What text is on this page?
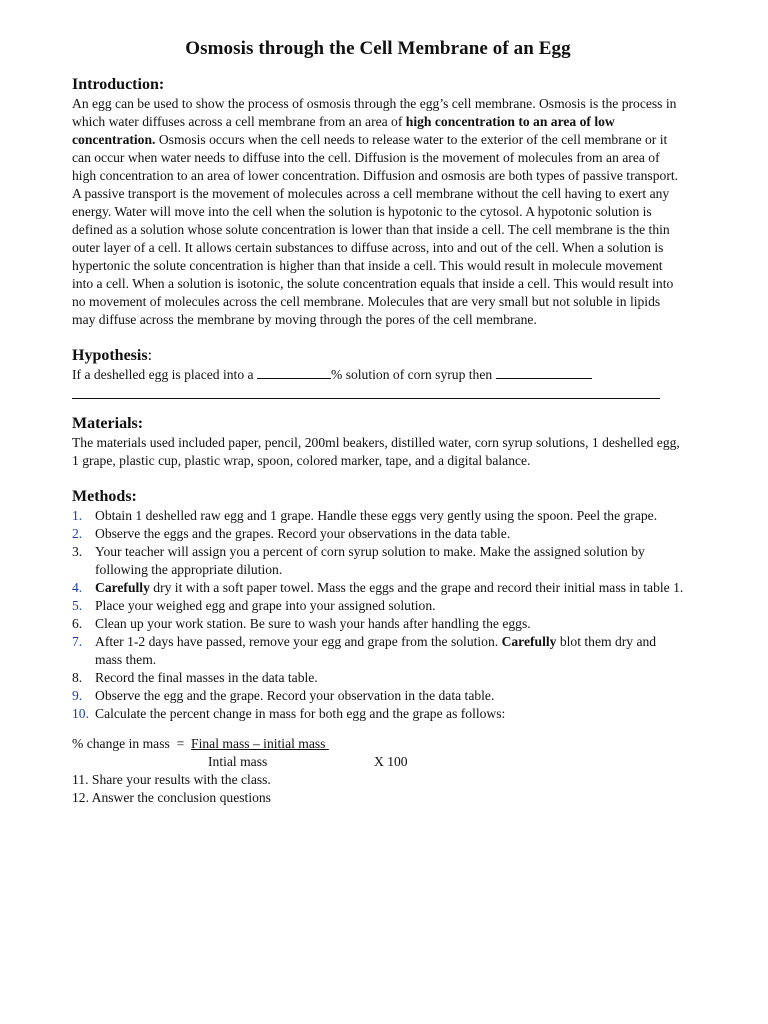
Osmosis through the Cell Membrane of an Egg
Introduction:

An egg can be used to show the process of osmosis through the egg’s cell membrane. Osmosis is the process in which water diffuses across a cell membrane from an area of high concentration to an area of low concentration. Osmosis occurs when the cell needs to release water to the exterior of the cell membrane or it can occur when water needs to diffuse into the cell. Diffusion is the movement of molecules from an area of high concentration to an area of lower concentration. Diffusion and osmosis are both types of passive transport. A passive transport is the movement of molecules across a cell membrane without the cell having to exert any energy. Water will move into the cell when the solution is hypotonic to the cytosol. A hypotonic solution is defined as a solution whose solute concentration is lower than that inside a cell. The cell membrane is the thin outer layer of a cell. It allows certain substances to diffuse across, into and out of the cell. When a solution is hypertonic the solute concentration is higher than that inside a cell. This would result in molecule movement into a cell. When a solution is isotonic, the solute concentration equals that inside a cell. This would result into no movement of molecules across the cell membrane. Molecules that are very small but not soluble in lipids may diffuse across the membrane by moving through the pores of the cell membrane.

Hypothesis:
If a deshelled egg is placed into a	% solution of corn syrup then
Materials:

The materials used included paper, pencil, 200ml beakers, distilled water, corn syrup solutions, 1 deshelled egg, 1 grape, plastic cup, plastic wrap, spoon, colored marker, tape, and a digital balance.

Methods:
1. Obtain 1 deshelled raw egg and 1 grape. Handle these eggs very gently using the spoon. Peel the grape.
2. Observe the eggs and the grapes. Record your observations in the data table.
3. Your teacher will assign you a percent of corn syrup solution to make. Make the assigned solution by following the appropriate dilution.
4. Carefully dry it with a soft paper towel. Mass the eggs and the grape and record their initial mass in table 1.
5. Place your weighed egg and grape into your assigned solution.
6. Clean up your work station. Be sure to wash your hands after handling the eggs.
7. After 1-2 days have passed, remove your egg and grape from the solution. Carefully blot them dry and mass them.
8. Record the final masses in the data table.
9. Observe the egg and the grape. Record your observation in the data table.
10. Calculate the percent change in mass for both egg and the grape as follows:
% change in mass  = Final mass – initial mass
Intial mass	X 100
11. Share your results with the class.
12. Answer the conclusion questions
